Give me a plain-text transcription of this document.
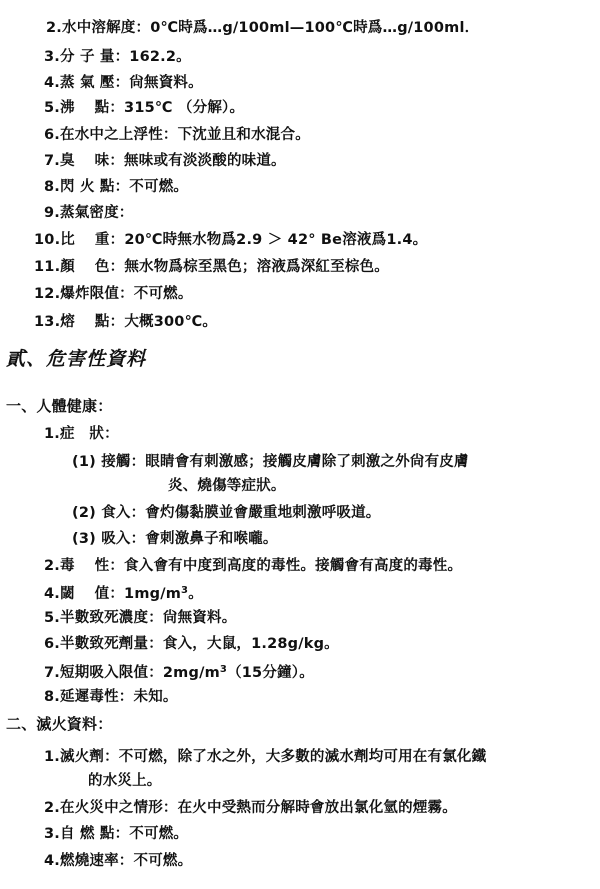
2.水中溶解度：0℃時爲…g/100ml—100℃時爲…g/100ml．
3.分 子 量：162.2。
4.蒸 氣 壓：尙無資料。
5.沸　 點：315℃ （分解）。
6.在水中之上浮性：下沈並且和水混合。
7.臭　 味：無味或有淡淡酸的味道。
8.閃 火 點：不可燃。
9.蒸氣密度：
10.比　 重：20℃時無水物爲2.9 ＞ 42° Be溶液爲1.4。
11.顏　 色：無水物爲棕至黑色；溶液爲深紅至棕色。
12.爆炸限值：不可燃。
13.熔　 點：大概300℃。
貳、危害性資料
一、人體健康：
1.症　狀：
(1) 接觸：眼睛會有刺激感；接觸皮膚除了刺激之外尙有皮膚
炎、燒傷等症狀。
(2) 食入：會灼傷黏膜並會嚴重地刺激呼吸道。
(3) 吸入：會刺激鼻子和喉嚨。
2.毒　 性：食入會有中度到高度的毒性。接觸會有高度的毒性。
4.閾　 值：$1mg/m^3$。
5.半數致死濃度：尙無資料。
6.半數致死劑量：食入，大鼠，1.28g/kg。
7.短期吸入限值：$2mg/m^3(15$分鐘）。
8.延遲毒性：未知。
二、滅火資料：
1.滅火劑：不可燃，除了水之外，大多數的滅水劑均可用在有氯化鐵
的水災上。
2.在火災中之情形：在火中受熱而分解時會放出氯化氫的煙霧。
3.自 燃 點：不可燃。
4.燃燒速率：不可燃。
